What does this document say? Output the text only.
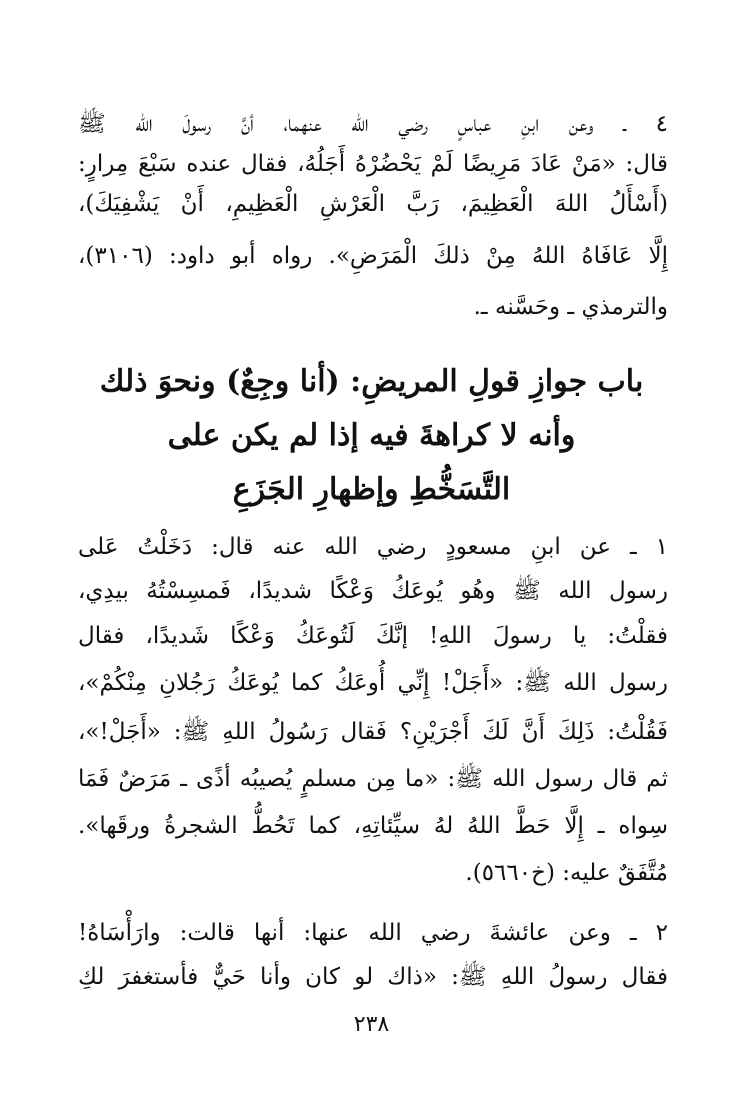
٤ ـ وعن ابنِ عباسٍ رضي الله عنهما، أنَّ رسولَ الله ﷺ
قال: «مَنْ عَادَ مَرِيضًا لَمْ يَحْضُرْهُ أَجَلُهُ، فقال عنده سَبْعَ مِرارٍ:
(أَسْأَلُ اللهَ الْعَظِيمَ، رَبَّ الْعَرْشِ الْعَظِيمِ، أَنْ يَشْفِيَكَ)،
إِلَّا عَافَاهُ اللهُ مِنْ ذلكَ الْمَرَضِ». رواه أبو داود: (٣١٠٦)،
والترمذي ـ وحَسَّنه ـ.
باب جوازِ قولِ المريضِ: (أنا وجِعٌ) ونحوَ ذلك
وأنه لا كراهةَ فيه إذا لم يكن على
التَّسَخُّطِ وإظهارِ الجَزَعِ
١ ـ عن ابنِ مسعودٍ رضي الله عنه قال: دَخَلْتُ عَلى
رسول الله ﷺ وهُو يُوعَكُ وَعْكًا شديدًا، فَمسِسْتُهُ بيدِي،
فقلْتُ: يا رسولَ اللهِ! إنَّكَ لَتُوعَكُ وَعْكًا شَديدًا، فقال
رسول الله ﷺ: «أَجَلْ! إِنِّي أُوعَكُ كما يُوعَكُ رَجُلانِ مِنْكُمْ»،
فَقُلْتُ: ذَلِكَ أَنَّ لَكَ أَجْرَيْنِ؟ فَقال رَسُولُ اللهِ ﷺ: «أَجَلْ!»،
ثم قال رسول الله ﷺ: «ما مِن مسلمٍ يُصيبُه أذًى ـ مَرَضٌ فَمَا
سِواه ـ إِلَّا حَطَّ اللهُ لهُ سيِّئاتِهِ، كما تَحُطُّ الشجرةُ ورقَها».
مُتَّفَقٌ عليه: (خ٥٦٦٠).
٢ ـ وعن عائشةَ رضي الله عنها: أنها قالت: وارَأْسَاهُ!
فقال رسولُ اللهِ ﷺ: «ذاك لو كان وأنا حَيٌّ فأستغفرَ لكِ
٢٣٨
